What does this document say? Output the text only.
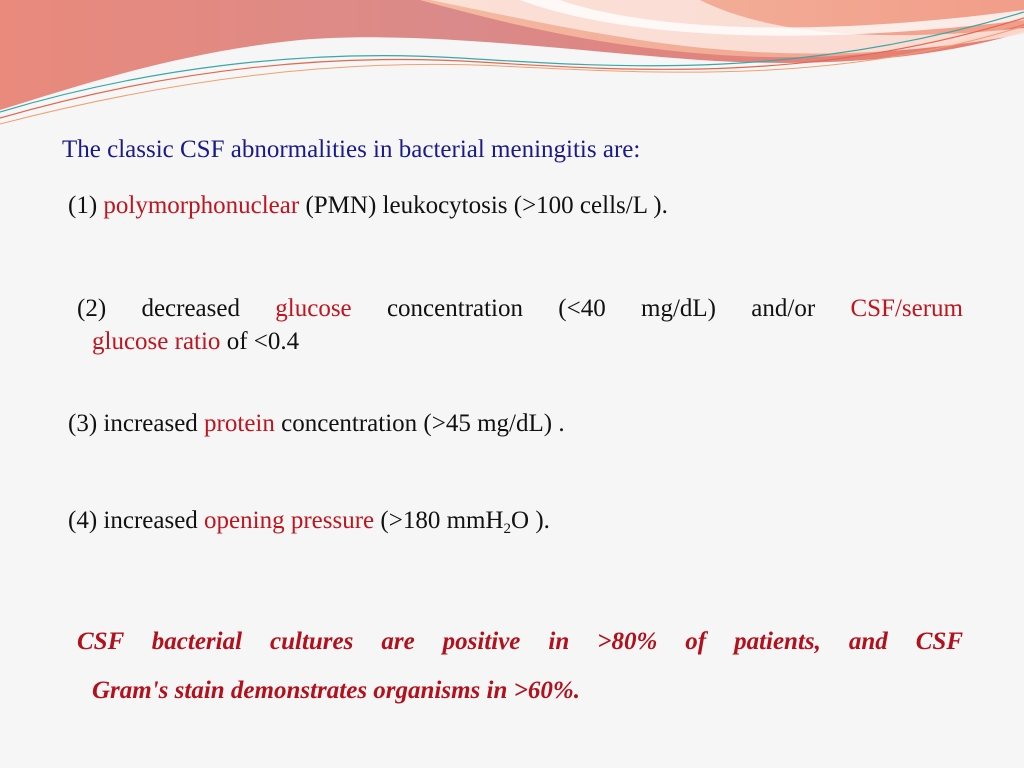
The classic CSF abnormalities in bacterial meningitis are:
(1) polymorphonuclear (PMN) leukocytosis (>100 cells/L ).
(2) decreased glucose concentration (<40 mg/dL) and/or CSF/serum
glucose ratio of <0.4
(3) increased protein concentration (>45 mg/dL) .
(4) increased opening pressure (>180 mmH$_2$O ).
CSF bacterial cultures are positive in >80% of patients, and CSF
Gram's stain demonstrates organisms in >60%.
